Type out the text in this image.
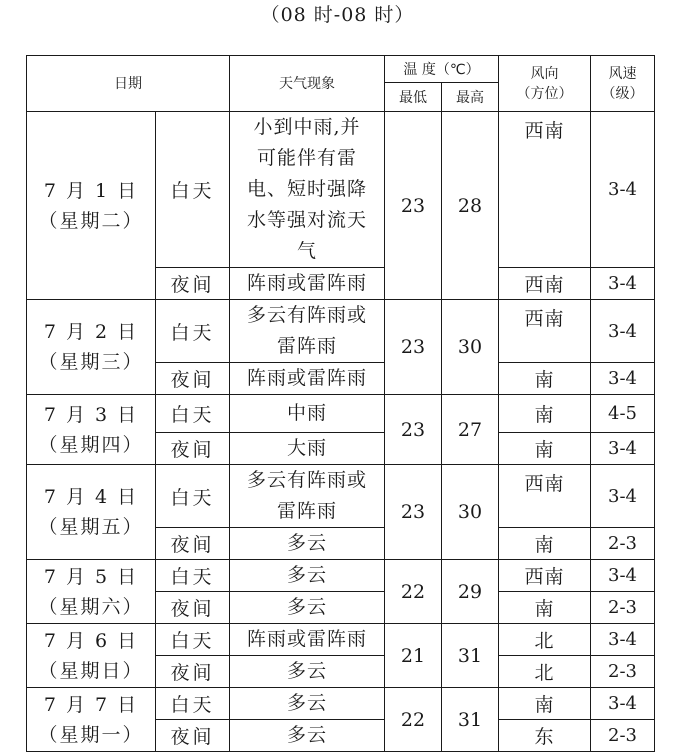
（08 时-08 时）
日期		天气现象	温 度（℃）		风向
（方位）	风速
（级）

			最低	最高		

7 月 1 日
（星期二）	白天	小到中雨,并
可能伴有雷
电、短时强降
水等强对流天
气	23	28	西南	3-4
	夜间	阵雨或雷阵雨			西南	3-4

7 月 2 日
（星期三）	白天	多云有阵雨或
雷阵雨	23	30	西南	3-4
	夜间	阵雨或雷阵雨			南	3-4

7 月 3 日
（星期四）	白天	中雨	23	27	南	4-5
	夜间	大雨			南	3-4

7 月 4 日
（星期五）	白天	多云有阵雨或
雷阵雨	23	30	西南	3-4
	夜间	多云			南	2-3

7 月 5 日
（星期六）	白天	多云	22	29	西南	3-4
	夜间	多云			南	2-3

7 月 6 日
（星期日）	白天	阵雨或雷阵雨	21	31	北	3-4
	夜间	多云			北	2-3

7 月 7 日
（星期一）	白天	多云	22	31	南	3-4
	夜间	多云			东	2-3
